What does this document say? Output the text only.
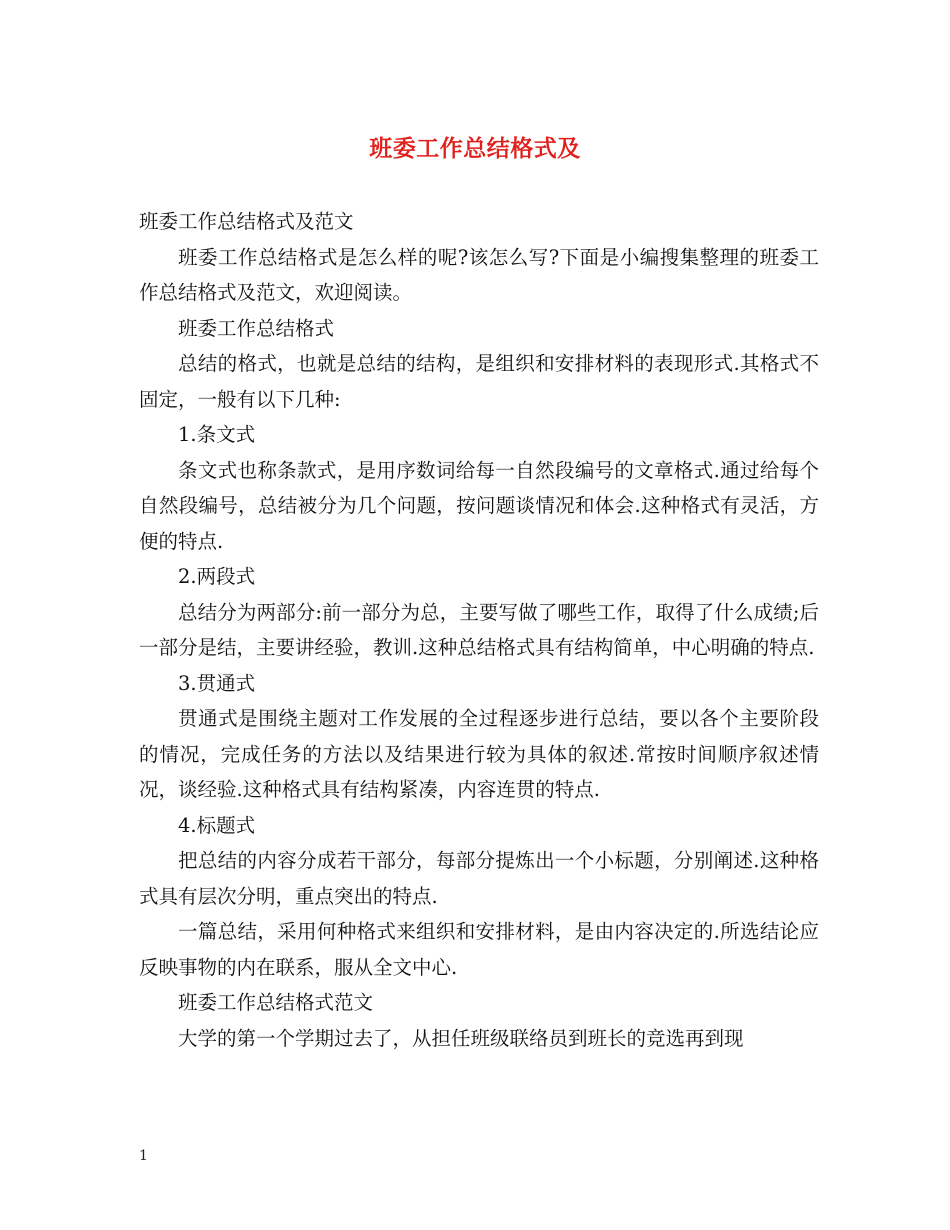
班委工作总结格式及

班委工作总结格式及范文

班委工作总结格式是怎么样的呢?该怎么写?下面是小编搜集整理的班委工作总结格式及范文，欢迎阅读。

班委工作总结格式

总结的格式，也就是总结的结构，是组织和安排材料的表现形式.其格式不固定，一般有以下几种:

1.条文式

条文式也称条款式，是用序数词给每一自然段编号的文章格式.通过给每个自然段编号，总结被分为几个问题，按问题谈情况和体会.这种格式有灵活，方便的特点.

2.两段式

总结分为两部分:前一部分为总，主要写做了哪些工作，取得了什么成绩;后一部分是结，主要讲经验，教训.这种总结格式具有结构简单，中心明确的特点.

3.贯通式

贯通式是围绕主题对工作发展的全过程逐步进行总结，要以各个主要阶段的情况，完成任务的方法以及结果进行较为具体的叙述.常按时间顺序叙述情况，谈经验.这种格式具有结构紧凑，内容连贯的特点.

4.标题式

把总结的内容分成若干部分，每部分提炼出一个小标题，分别阐述.这种格式具有层次分明，重点突出的特点.

一篇总结，采用何种格式来组织和安排材料，是由内容决定的.所选结论应反映事物的内在联系，服从全文中心.

班委工作总结格式范文

大学的第一个学期过去了，从担任班级联络员到班长的竞选再到现

1
